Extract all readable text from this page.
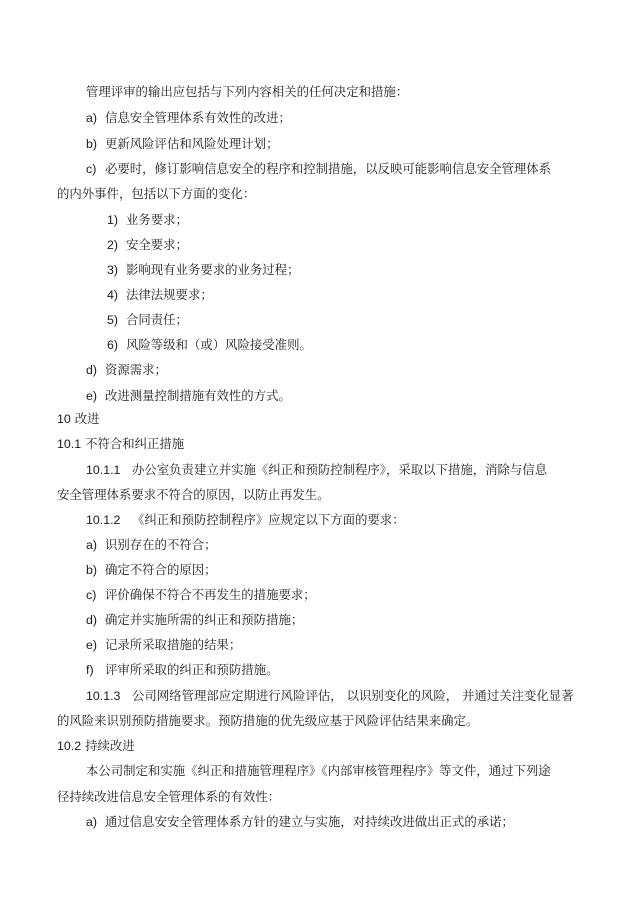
管理评审的输出应包括与下列内容相关的任何决定和措施：
a) 信息安全管理体系有效性的改进；
b) 更新风险评估和风险处理计划；
c) 必要时，修订影响信息安全的程序和控制措施，以反映可能影响信息安全管理体系
的内外事件，包括以下方面的变化：
1) 业务要求；
2) 安全要求；
3) 影响现有业务要求的业务过程；
4) 法律法规要求；
5) 合同责任；
6) 风险等级和（或）风险接受准则。
d) 资源需求；
e) 改进测量控制措施有效性的方式。
10 改进
10.1 不符合和纠正措施
10.1.1 办公室负责建立并实施《纠正和预防控制程序》，采取以下措施，消除与信息
安全管理体系要求不符合的原因，以防止再发生。
10.1.2 《纠正和预防控制程序》应规定以下方面的要求：
a) 识别存在的不符合；
b) 确定不符合的原因；
c) 评价确保不符合不再发生的措施要求；
d) 确定并实施所需的纠正和预防措施；
e) 记录所采取措施的结果；
f) 评审所采取的纠正和预防措施。
10.1.3 公司网络管理部应定期进行风险评估， 以识别变化的风险， 并通过关注变化显著
的风险来识别预防措施要求。预防措施的优先级应基于风险评估结果来确定。
10.2 持续改进
本公司制定和实施《纠正和措施管理程序》《内部审核管理程序》等文件，通过下列途
径持续改进信息安全管理体系的有效性：
a) 通过信息安安全管理体系方针的建立与实施，对持续改进做出正式的承诺；
